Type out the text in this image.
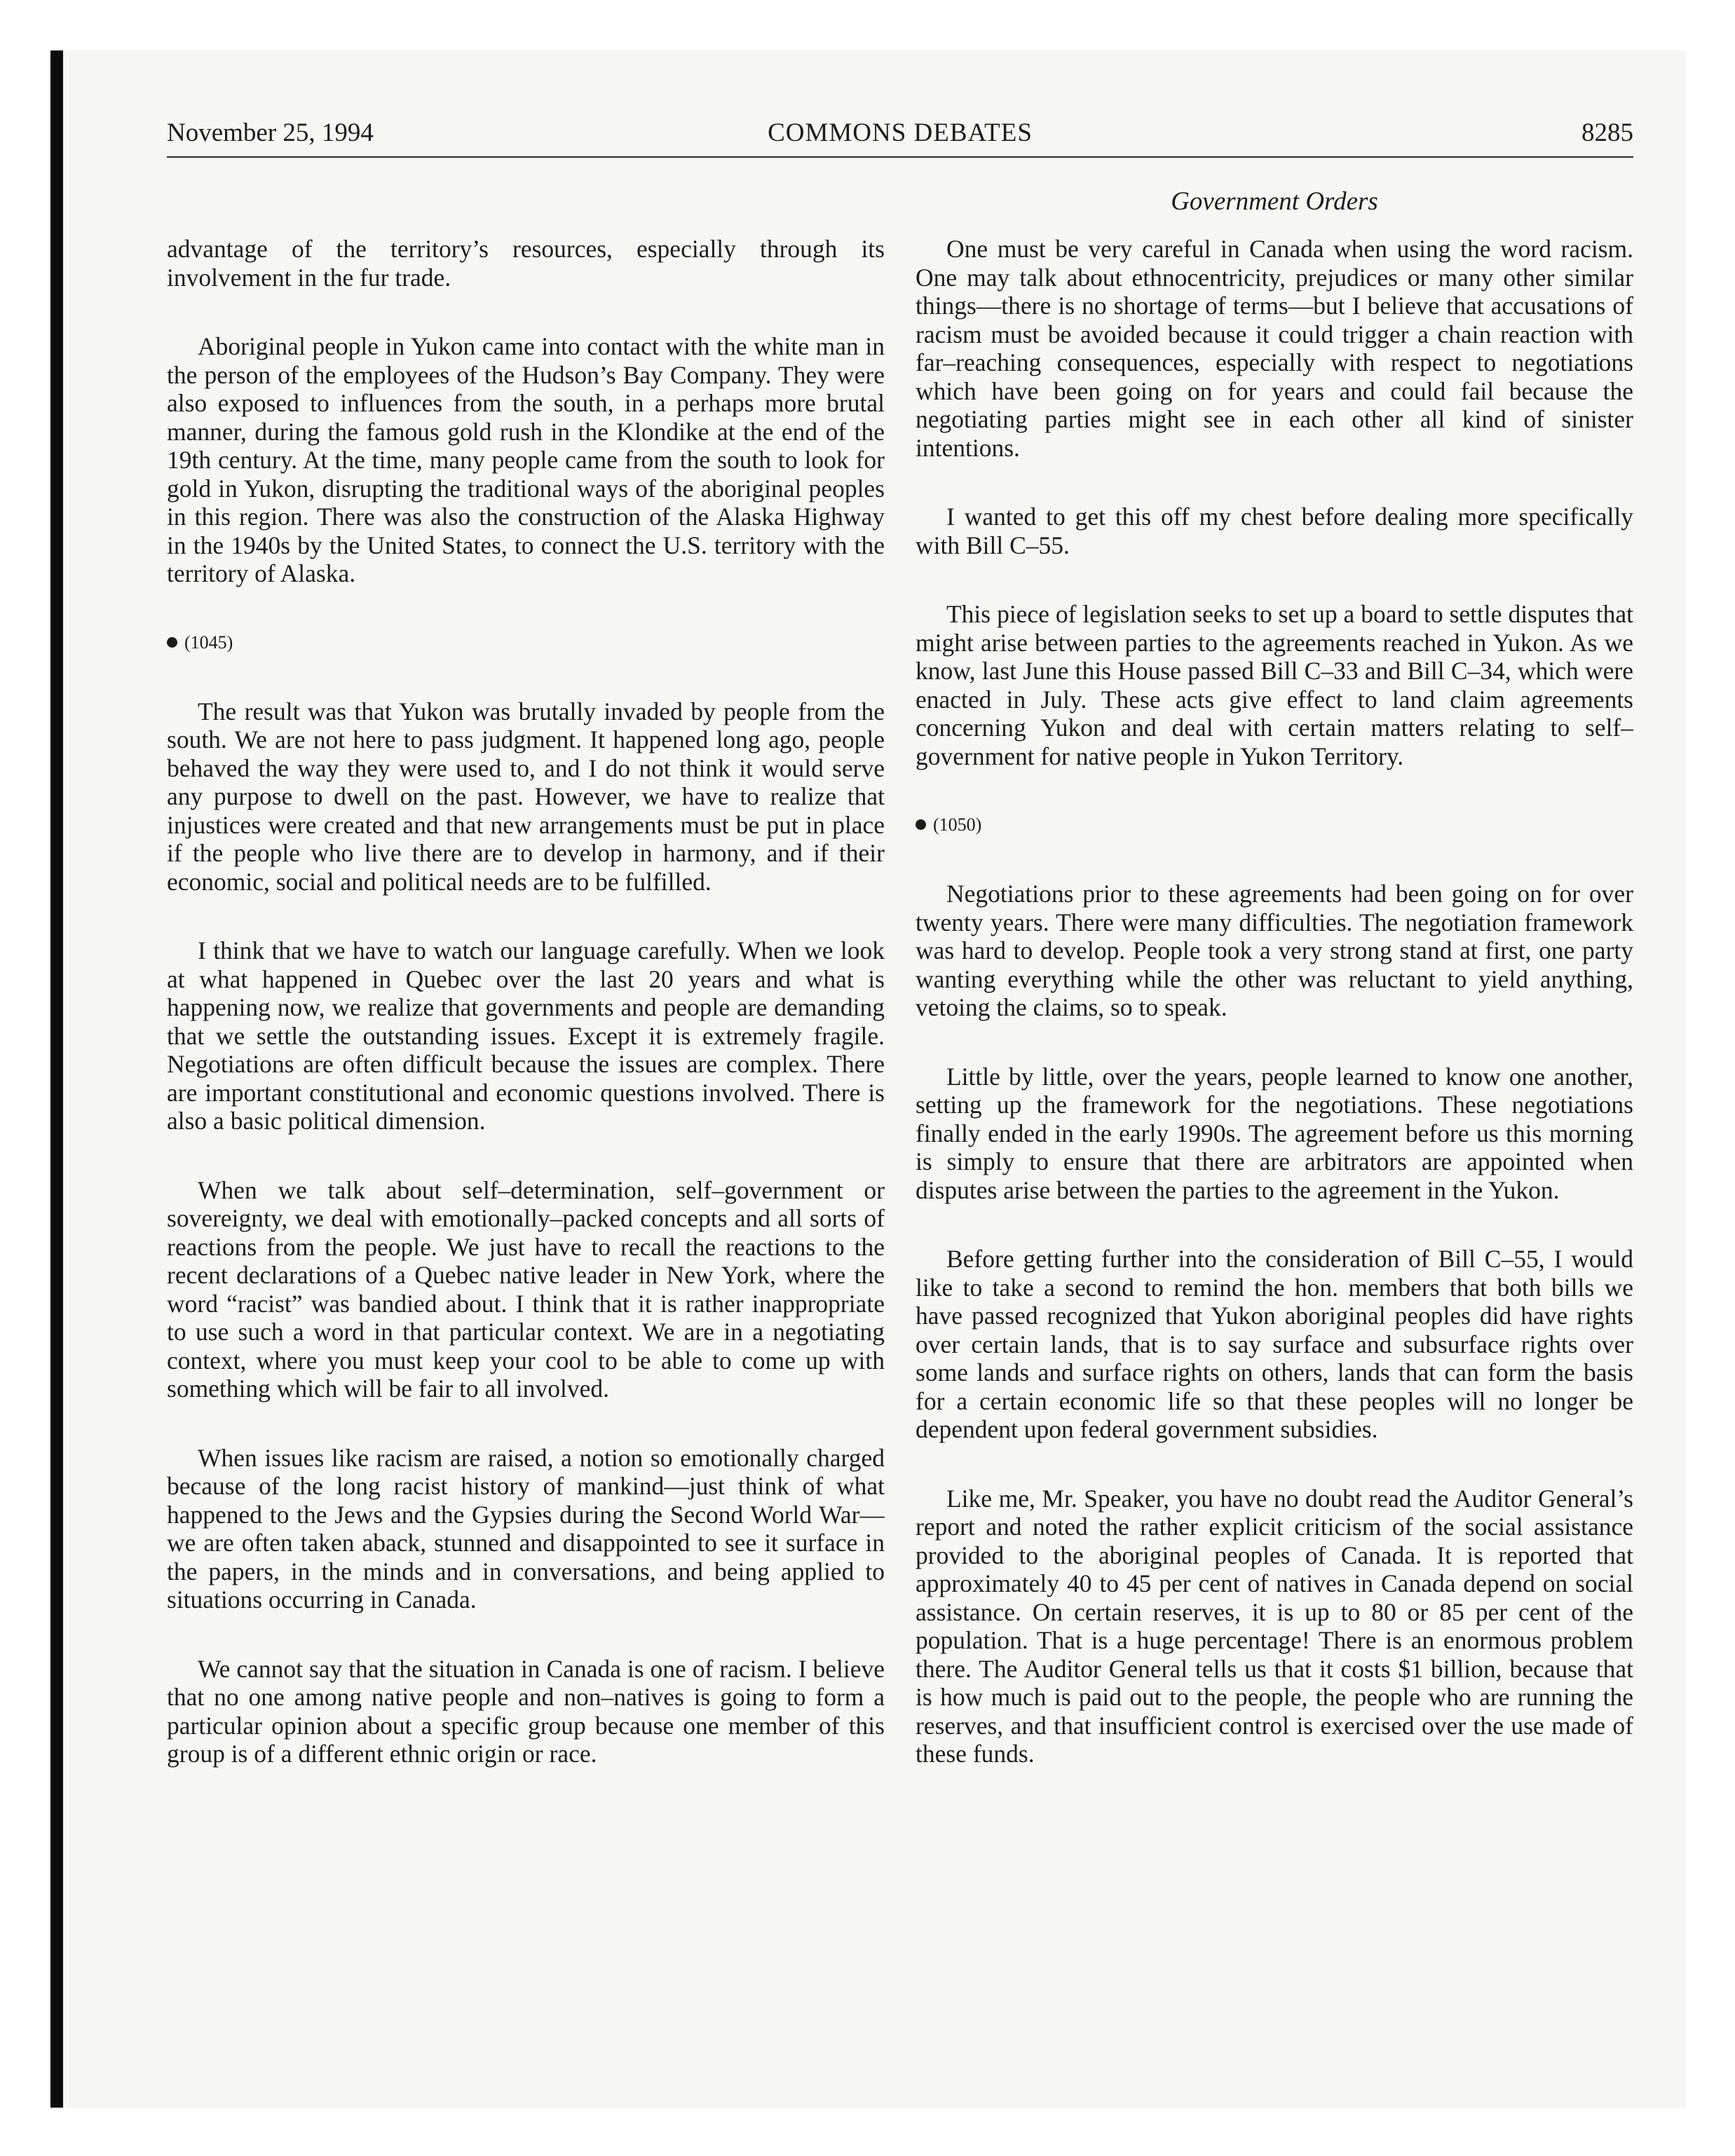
COMMONS DEBATES
November 25, 1994	8285
Government Orders

advantage of the territory’s resources, especially through its involvement in the fur trade.

Aboriginal people in Yukon came into contact with the white man in the person of the employees of the Hudson’s Bay Company. They were also exposed to influences from the south, in a perhaps more brutal manner, during the famous gold rush in the Klondike at the end of the 19th century. At the time, many people came from the south to look for gold in Yukon, disrupting the traditional ways of the aboriginal peoples in this region. There was also the construction of the Alaska Highway in the 1940s by the United States, to connect the U.S. territory with the territory of Alaska.

(1045)

The result was that Yukon was brutally invaded by people from the south. We are not here to pass judgment. It happened long ago, people behaved the way they were used to, and I do not think it would serve any purpose to dwell on the past. However, we have to realize that injustices were created and that new arrangements must be put in place if the people who live there are to develop in harmony, and if their economic, social and political needs are to be fulfilled.

I think that we have to watch our language carefully. When we look at what happened in Quebec over the last 20 years and what is happening now, we realize that governments and people are demanding that we settle the outstanding issues. Except it is extremely fragile. Negotiations are often difficult because the issues are complex. There are important constitutional and economic questions involved. There is also a basic political dimension.

When we talk about self–determination, self–government or sovereignty, we deal with emotionally–packed concepts and all sorts of reactions from the people. We just have to recall the reactions to the recent declarations of a Quebec native leader in New York, where the word “racist” was bandied about. I think that it is rather inappropriate to use such a word in that particular context. We are in a negotiating context, where you must keep your cool to be able to come up with something which will be fair to all involved.

When issues like racism are raised, a notion so emotionally charged because of the long racist history of mankind—just think of what happened to the Jews and the Gypsies during the Second World War—we are often taken aback, stunned and disappointed to see it surface in the papers, in the minds and in conversations, and being applied to situations occurring in Canada.

We cannot say that the situation in Canada is one of racism. I believe that no one among native people and non–natives is going to form a particular opinion about a specific group because one member of this group is of a different ethnic origin or race.

One must be very careful in Canada when using the word racism. One may talk about ethnocentricity, prejudices or many other similar things—there is no shortage of terms—but I believe that accusations of racism must be avoided because it could trigger a chain reaction with far–reaching consequences, especially with respect to negotiations which have been going on for years and could fail because the negotiating parties might see in each other all kind of sinister intentions.

I wanted to get this off my chest before dealing more specifically with Bill C–55.

This piece of legislation seeks to set up a board to settle disputes that might arise between parties to the agreements reached in Yukon. As we know, last June this House passed Bill C–33 and Bill C–34, which were enacted in July. These acts give effect to land claim agreements concerning Yukon and deal with certain matters relating to self–government for native people in Yukon Territory.

(1050)

Negotiations prior to these agreements had been going on for over twenty years. There were many difficulties. The negotiation framework was hard to develop. People took a very strong stand at first, one party wanting everything while the other was reluctant to yield anything, vetoing the claims, so to speak.

Little by little, over the years, people learned to know one another, setting up the framework for the negotiations. These negotiations finally ended in the early 1990s. The agreement before us this morning is simply to ensure that there are arbitrators are appointed when disputes arise between the parties to the agreement in the Yukon.

Before getting further into the consideration of Bill C–55, I would like to take a second to remind the hon. members that both bills we have passed recognized that Yukon aboriginal peoples did have rights over certain lands, that is to say surface and subsurface rights over some lands and surface rights on others, lands that can form the basis for a certain economic life so that these peoples will no longer be dependent upon federal government subsidies.

Like me, Mr. Speaker, you have no doubt read the Auditor General’s report and noted the rather explicit criticism of the social assistance provided to the aboriginal peoples of Canada. It is reported that approximately 40 to 45 per cent of natives in Canada depend on social assistance. On certain reserves, it is up to 80 or 85 per cent of the population. That is a huge percentage! There is an enormous problem there. The Auditor General tells us that it costs $1 billion, because that is how much is paid out to the people, the people who are running the reserves, and that insufficient control is exercised over the use made of these funds.
